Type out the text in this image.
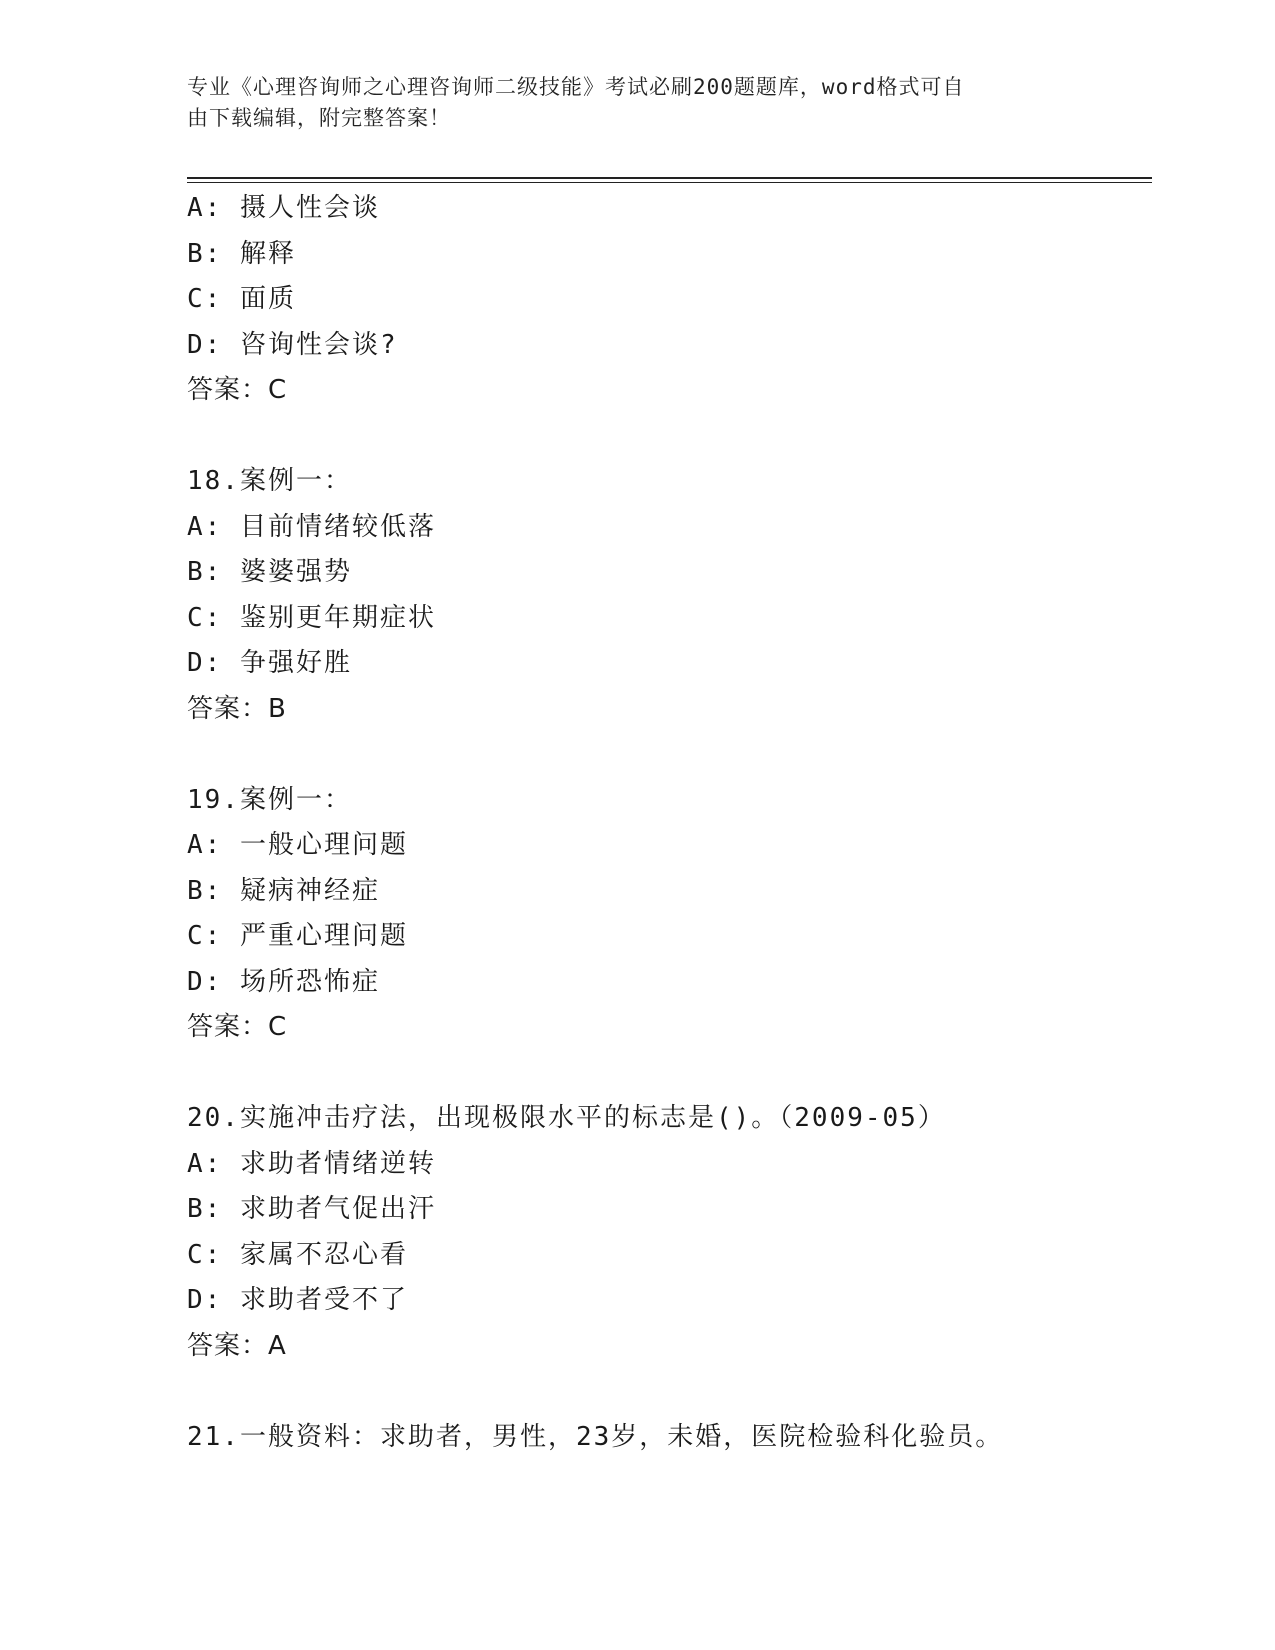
专业《心理咨询师之心理咨询师二级技能》考试必刷200题题库，word格式可自
由下载编辑，附完整答案！
A: 摄人性会谈
B: 解释
C: 面质
D: 咨询性会谈?
答案：C
18.案例一：
A: 目前情绪较低落
B: 婆婆强势
C: 鉴别更年期症状
D: 争强好胜
答案：B
19.案例一：
A: 一般心理问题
B: 疑病神经症
C: 严重心理问题
D: 场所恐怖症
答案：C
20.实施冲击疗法，出现极限水平的标志是()。（2009-05）
A: 求助者情绪逆转
B: 求助者气促出汗
C: 家属不忍心看
D: 求助者受不了
答案：A
21.一般资料：求助者，男性，23岁，未婚，医院检验科化验员。
